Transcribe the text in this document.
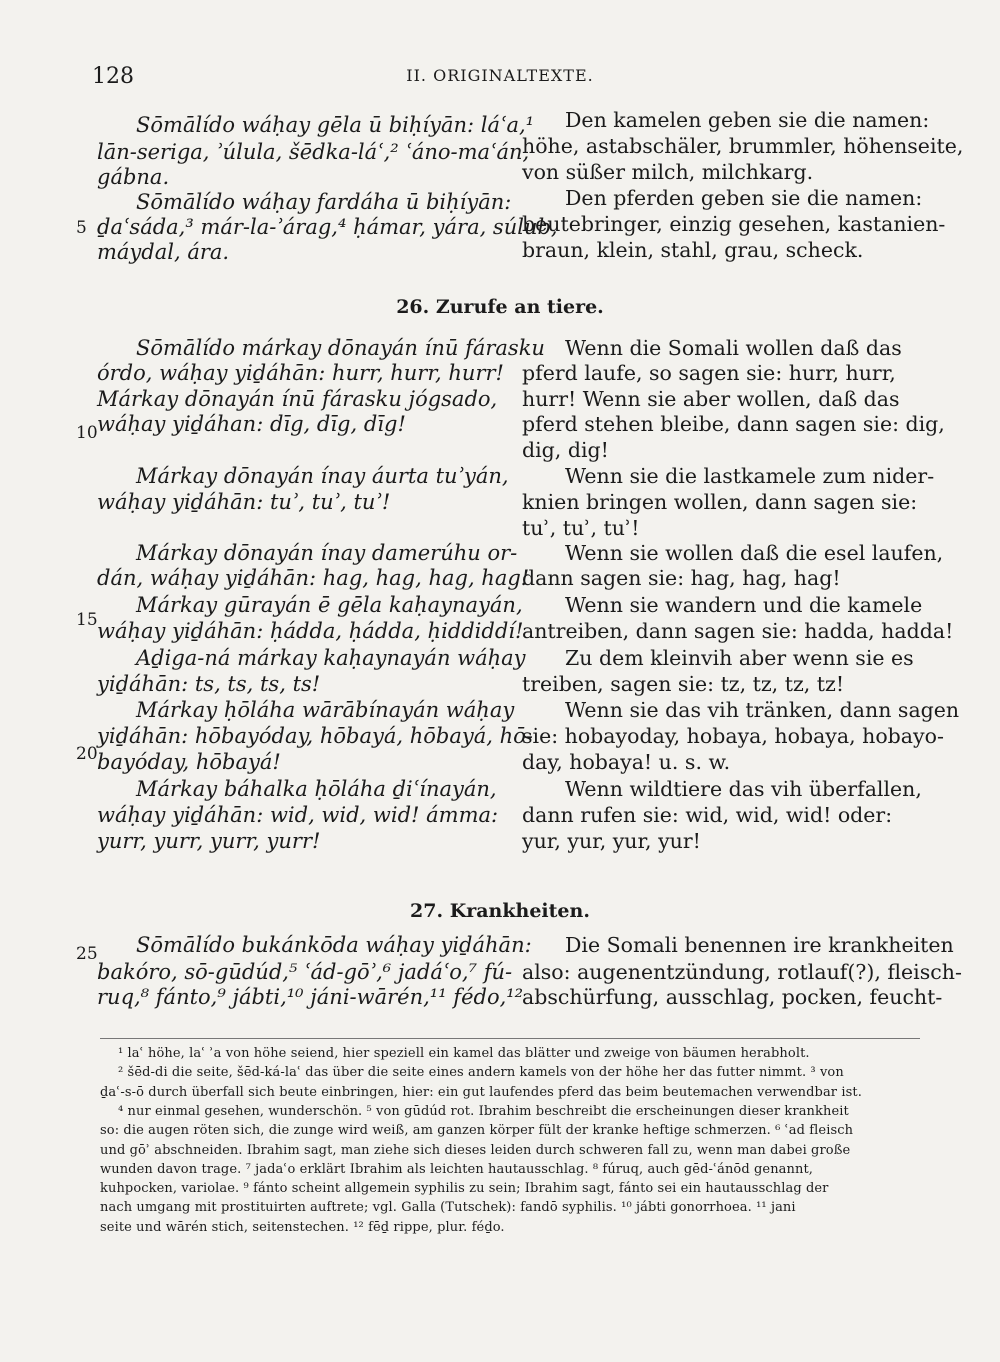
128	II. ORIGINALTEXTE.
Sōmālído wáḥay gēla ū biḥíyān: láʿa,¹
lān-seriga, ʾúlula, šēdka-láʿ,² ʿáno-maʿán,
gábna.
Sōmālído wáḥay fardáha ū biḥíyān:
ḏaʿsáda,³ már-la-ʾárag,⁴ ḥámar, yára, súlub,
máydal, ára.
Sōmālído márkay dōnayán ínū fárasku
órdo, wáḥay yiḏáhān: hurr, hurr, hurr!
Márkay dōnayán ínū fárasku jógsado,
wáḥay yiḏáhan: dīg, dīg, dīg!
Márkay dōnayán ínay áurta tuʾyán,
wáḥay yiḏáhān: tuʾ, tuʾ, tuʾ!
Márkay dōnayán ínay damerúhu or-
dán, wáḥay yiḏáhān: hag, hag, hag, hag!
Márkay gūrayán ē gēla kaḥaynayán,
wáḥay yiḏáhān: ḥádda, ḥádda, ḥiddiddí!
Aḏiga-ná márkay kaḥaynayán wáḥay
yiḏáhān: ts, ts, ts, ts!
Márkay ḥōláha wārābínayán wáḥay
yiḏáhān: hōbayóday, hōbayá, hōbayá, hō-
bayóday, hōbayá!
Márkay báhalka ḥōláha ḏiʿínayán,
wáḥay yiḏáhān: wid, wid, wid! ámma:
yurr, yurr, yurr, yurr!
Sōmālído bukánkōda wáḥay yiḏáhān:
bakóro, sō-gūdúd,⁵ ʿád-gōʾ,⁶ jadáʿo,⁷ fú-
ruq,⁸ fánto,⁹ jábti,¹⁰ jáni-wārén,¹¹ fédo,¹²
Den kamelen geben sie die namen:
höhe, astabschäler, brummler, höhenseite,
von süßer milch, milchkarg.
Den pferden geben sie die namen:
beutebringer, einzig gesehen, kastanien-
braun, klein, stahl, grau, scheck.
Wenn die Somali wollen daß das
pferd laufe, so sagen sie: hurr, hurr,
hurr! Wenn sie aber wollen, daß das
pferd stehen bleibe, dann sagen sie: dig,
dig, dig!
Wenn sie die lastkamele zum nider-
knien bringen wollen, dann sagen sie:
tuʾ, tuʾ, tuʾ!
Wenn sie wollen daß die esel laufen,
dann sagen sie: hag, hag, hag!
Wenn sie wandern und die kamele
antreiben, dann sagen sie: hadda, hadda!
Zu dem kleinvih aber wenn sie es
treiben, sagen sie: tz, tz, tz, tz!
Wenn sie das vih tränken, dann sagen
sie: hobayoday, hobaya, hobaya, hobayo-
day, hobaya! u. s. w.
Wenn wildtiere das vih überfallen,
dann rufen sie: wid, wid, wid! oder:
yur, yur, yur, yur!
Die Somali benennen ire krankheiten
also: augenentzündung, rotlauf(?), fleisch-
abschürfung, ausschlag, pocken, feucht-
26. Zurufe an tiere.
27. Krankheiten.
5
10
15
20
25
¹ laʿ höhe, laʿ ʾa von höhe seiend, hier speziell ein kamel das blätter und zweige von bäumen herabholt.
² šēd-di die seite, šēd-ká-laʿ das über die seite eines andern kamels von der höhe her das futter nimmt. ³ von
ḏaʿ-s-ō durch überfall sich beute einbringen, hier: ein gut laufendes pferd das beim beutemachen verwendbar ist.
⁴ nur einmal gesehen, wunderschön. ⁵ von gūdúd rot. Ibrahim beschreibt die erscheinungen dieser krankheit
so: die augen röten sich, die zunge wird weiß, am ganzen körper fült der kranke heftige schmerzen. ⁶ ʿad fleisch
und gōʾ abschneiden. Ibrahim sagt, man ziehe sich dieses leiden durch schweren fall zu, wenn man dabei große
wunden davon trage. ⁷ jadaʿo erklärt Ibrahim als leichten hautausschlag. ⁸ fúruq, auch gēd-ʿánōd genannt,
kuhpocken, variolae. ⁹ fánto scheint allgemein syphilis zu sein; Ibrahim sagt, fánto sei ein hautausschlag der
nach umgang mit prostituirten auftrete; vgl. Galla (Tutschek): fandō syphilis. ¹⁰ jábti gonorrhoea. ¹¹ jani
seite und wārén stich, seitenstechen. ¹² fēḏ rippe, plur. féḏo.
